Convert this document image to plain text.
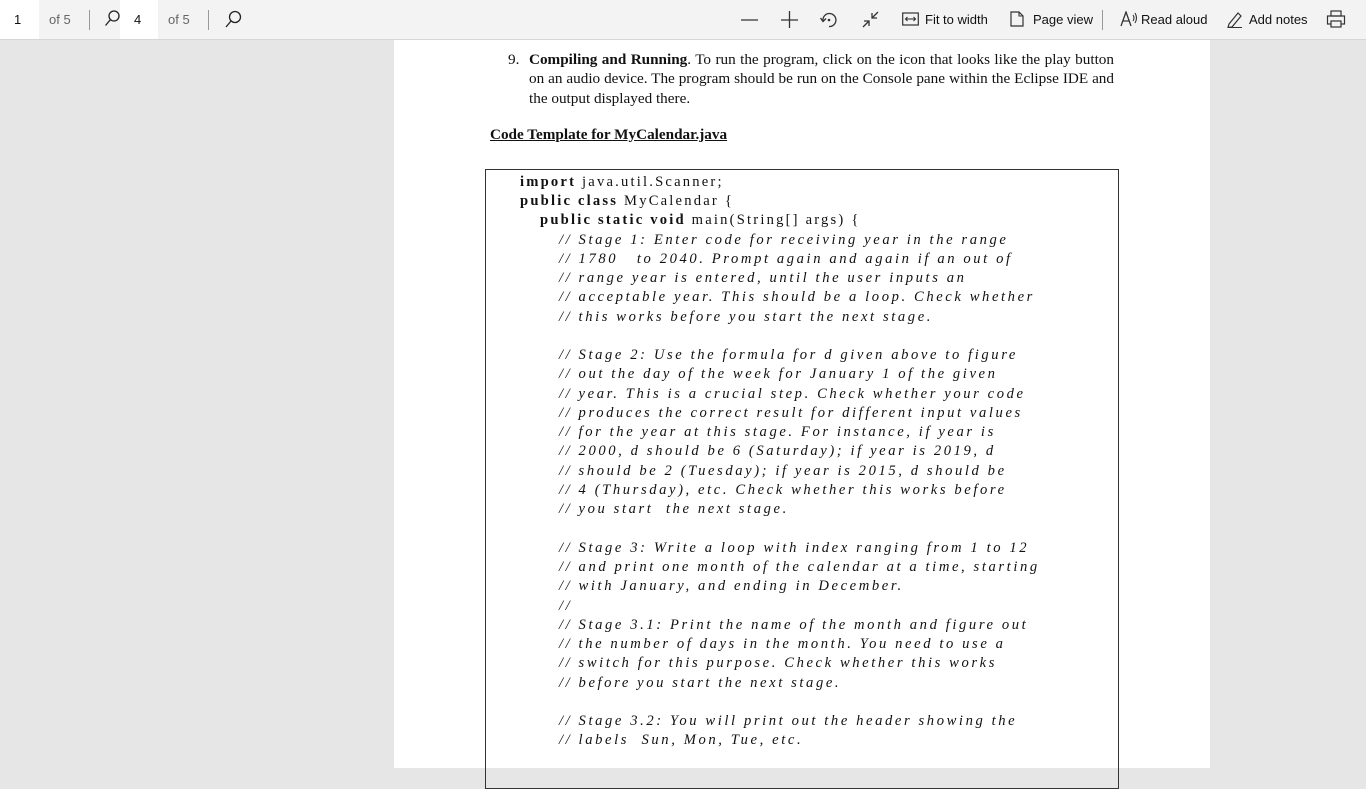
1	of 5	4	of 5	Fit to width	Page view	Read aloud	Add notes
9. Compiling and Running. To run the program, click on the icon that looks like the play button on an audio device. The program should be run on the Console pane within the Eclipse IDE and the output displayed there.
Code Template for MyCalendar.java
import java.util.Scanner;
public class MyCalendar {
public static void main(String[] args) {
// Stage 1: Enter code for receiving year in the range
// 1780   to 2040. Prompt again and again if an out of
// range year is entered, until the user inputs an
// acceptable year. This should be a loop. Check whether
// this works before you start the next stage.
// Stage 2: Use the formula for d given above to figure
// out the day of the week for January 1 of the given
// year. This is a crucial step. Check whether your code
// produces the correct result for different input values
// for the year at this stage. For instance, if year is
// 2000, d should be 6 (Saturday); if year is 2019, d
// should be 2 (Tuesday); if year is 2015, d should be
// 4 (Thursday), etc. Check whether this works before
// you start  the next stage.
// Stage 3: Write a loop with index ranging from 1 to 12
// and print one month of the calendar at a time, starting
// with January, and ending in December.
//
// Stage 3.1: Print the name of the month and figure out
// the number of days in the month. You need to use a
// switch for this purpose. Check whether this works
// before you start the next stage.
// Stage 3.2: You will print out the header showing the
// labels  Sun, Mon, Tue, etc.
